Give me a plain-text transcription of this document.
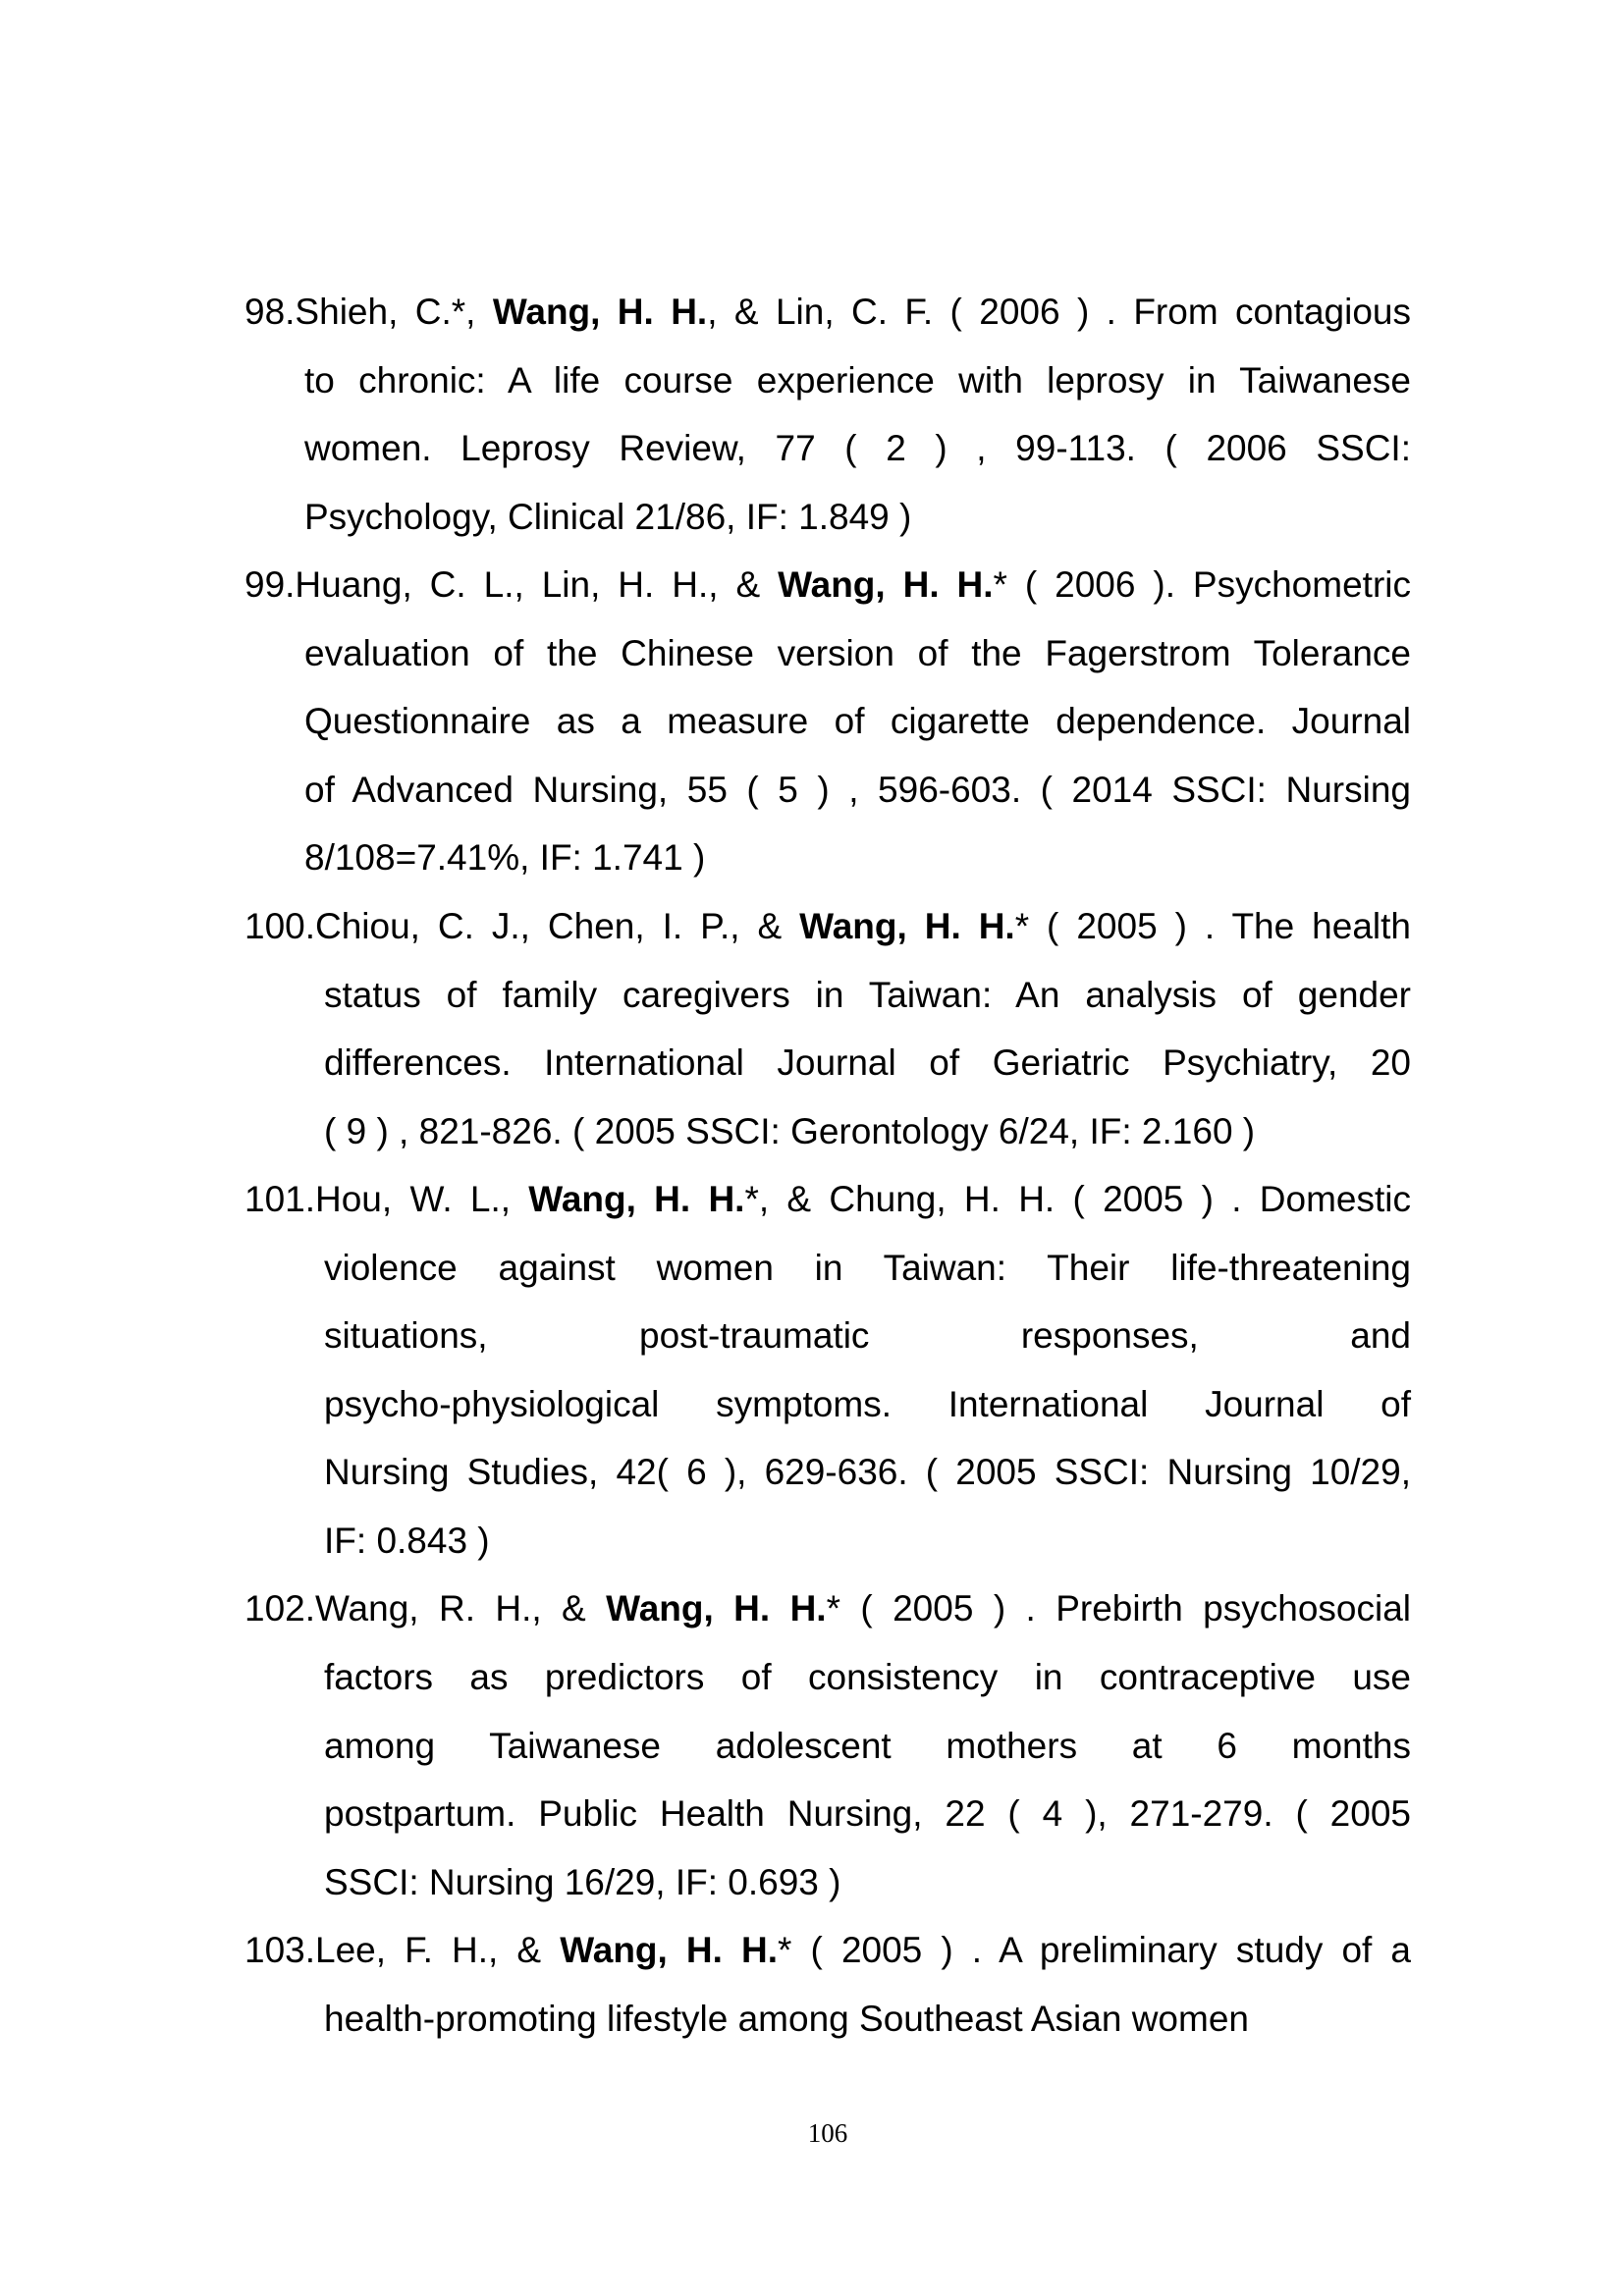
98.Shieh, C.*, Wang, H. H., & Lin, C. F. ( 2006 ) . From contagious
to chronic: A life course experience with leprosy in Taiwanese
women. Leprosy Review, 77 ( 2 ) , 99-113. ( 2006 SSCI:
Psychology, Clinical 21/86, IF: 1.849 )
99.Huang, C. L., Lin, H. H., & Wang, H. H.* ( 2006 ). Psychometric
evaluation of the Chinese version of the Fagerstrom Tolerance
Questionnaire as a measure of cigarette dependence. Journal
of Advanced Nursing, 55 ( 5 ) , 596-603. ( 2014 SSCI: Nursing
8/108=7.41%, IF: 1.741 )
100.Chiou, C. J., Chen, I. P., & Wang, H. H.* ( 2005 ) . The health
status of family caregivers in Taiwan: An analysis of gender
differences. International Journal of Geriatric Psychiatry, 20
( 9 ) , 821-826. ( 2005 SSCI: Gerontology 6/24, IF: 2.160 )
101.Hou, W. L., Wang, H. H.*, & Chung, H. H. ( 2005 ) . Domestic
violence against women in Taiwan: Their life-threatening
situations, post-traumatic responses, and
psycho-physiological symptoms. International Journal of
Nursing Studies, 42( 6 ), 629-636. ( 2005 SSCI: Nursing 10/29,
IF: 0.843 )
102.Wang, R. H., & Wang, H. H.* ( 2005 ) . Prebirth psychosocial
factors as predictors of consistency in contraceptive use
among Taiwanese adolescent mothers at 6 months
postpartum. Public Health Nursing, 22 ( 4 ), 271-279. ( 2005
SSCI: Nursing 16/29, IF: 0.693 )
103.Lee, F. H., & Wang, H. H.* ( 2005 ) . A preliminary study of a
health-promoting lifestyle among Southeast Asian women
106
